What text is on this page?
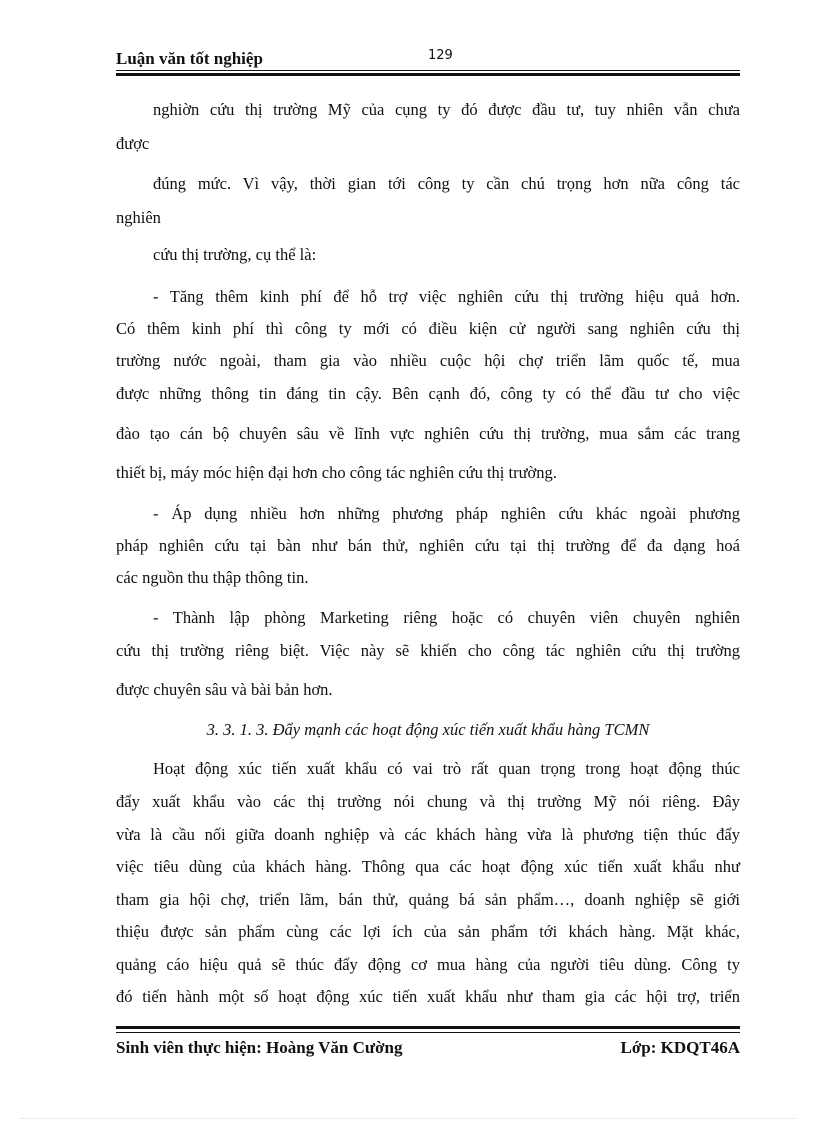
Luận văn tốt nghiệp	129
nghiờn cứu thị trường Mỹ của cụng ty đó được đầu tư, tuy nhiên vẫn chưa
được
đúng mức. Vì vậy, thời gian tới công ty cần chú trọng hơn nữa công tác
nghiên
cứu thị trường, cụ thể là:
- Tăng thêm kinh phí để hỗ trợ việc nghiên cứu thị trường hiệu quả hơn.
Có thêm kinh phí thì công ty mới có điều kiện cử người sang nghiên cứu thị
trường nước ngoài, tham gia vào nhiều cuộc hội chợ triển lãm quốc tế, mua
được những thông tin đáng tin cậy. Bên cạnh đó, công ty có thể đầu tư cho việc
đào tạo cán bộ chuyên sâu về lĩnh vực nghiên cứu thị trường, mua sắm các trang
thiết bị, máy móc hiện đại hơn cho công tác nghiên cứu thị trường.
- Áp dụng nhiều hơn những phương pháp nghiên cứu khác ngoài phương
pháp nghiên cứu tại bàn như bán thử, nghiên cứu tại thị trường để đa dạng hoá
các nguồn thu thập thông tin.
- Thành lập phòng Marketing riêng hoặc có chuyên viên chuyên nghiên
cứu thị trường riêng biệt. Việc này sẽ khiến cho công tác nghiên cứu thị trường
được chuyên sâu và bài bản hơn.
3. 3. 1. 3. Đẩy mạnh các hoạt động xúc tiến xuất khẩu hàng TCMN
Hoạt động xúc tiến xuất khẩu có vai trò rất quan trọng trong hoạt động thúc
đẩy xuất khẩu vào các thị trường nói chung và thị trường Mỹ nói riêng. Đây
vừa là cầu nối giữa doanh nghiệp và các khách hàng vừa là phương tiện thúc đẩy
việc tiêu dùng của khách hàng. Thông qua các hoạt động xúc tiến xuất khẩu như
tham gia hội chợ, triển lãm, bán thử, quảng bá sản phẩm…, doanh nghiệp sẽ giới
thiệu được sản phẩm cùng các lợi ích của sản phẩm tới khách hàng. Mặt khác,
quảng cáo hiệu quả sẽ thúc đẩy động cơ mua hàng của người tiêu dùng. Công ty
đó tiến hành một số hoạt động xúc tiến xuất khẩu như tham gia các hội trợ, triển
Sinh viên thực hiện: Hoàng Văn Cường	Lớp: KDQT46A
